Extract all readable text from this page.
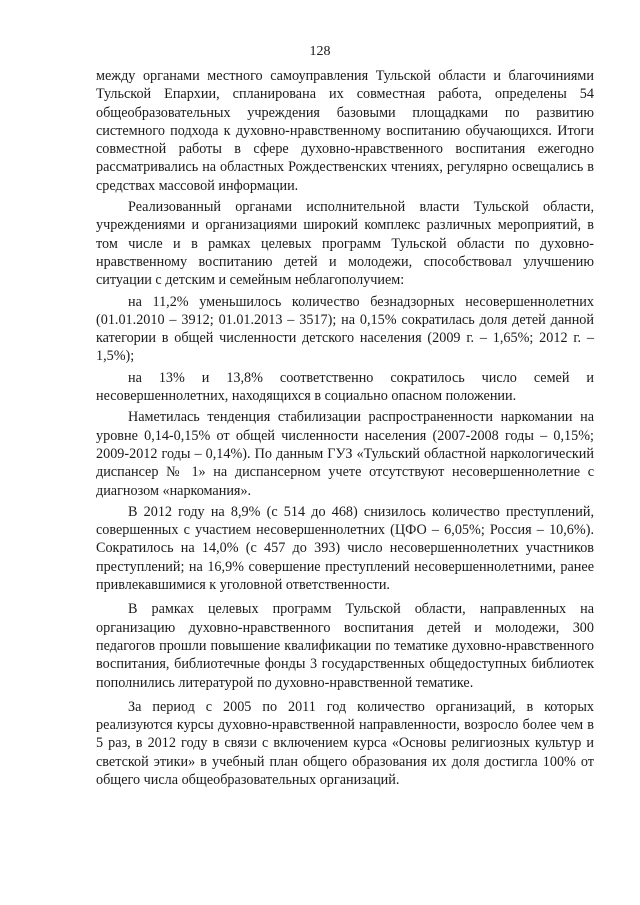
128

между органами местного самоуправления Тульской области и благочиниями Тульской Епархии, спланирована их совместная работа, определены 54 общеобразовательных учреждения базовыми площадками по развитию системного подхода к духовно-нравственному воспитанию обучающихся. Итоги совместной работы в сфере духовно-нравственного воспитания ежегодно рассматривались на областных Рождественских чтениях, регулярно освещались в средствах массовой информации.

Реализованный органами исполнительной власти Тульской области, учреждениями и организациями широкий комплекс различных мероприятий, в том числе и в рамках целевых программ Тульской области по духовно-нравственному воспитанию детей и молодежи, способствовал улучшению ситуации с детским и семейным неблагополучием:

на 11,2% уменьшилось количество безнадзорных несовершеннолетних (01.01.2010 – 3912; 01.01.2013 – 3517); на 0,15% сократилась доля детей данной категории в общей численности детского населения (2009 г. – 1,65%; 2012 г. – 1,5%);

на 13% и 13,8% соответственно сократилось число семей и несовершеннолетних, находящихся в социально опасном положении.

Наметилась тенденция стабилизации распространенности наркомании на уровне 0,14-0,15% от общей численности населения (2007-2008 годы – 0,15%; 2009-2012 годы – 0,14%). По данным ГУЗ «Тульский областной наркологический диспансер № 1» на диспансерном учете отсутствуют несовершеннолетние с диагнозом «наркомания».

В 2012 году на 8,9% (с 514 до 468) снизилось количество преступлений, совершенных с участием несовершеннолетних (ЦФО – 6,05%; Россия – 10,6%). Сократилось на 14,0% (с 457 до 393) число несовершеннолетних участников преступлений; на 16,9% совершение преступлений несовершеннолетними, ранее привлекавшимися к уголовной ответственности.

В рамках целевых программ Тульской области, направленных на организацию духовно-нравственного воспитания детей и молодежи, 300 педагогов прошли повышение квалификации по тематике духовно-нравственного воспитания, библиотечные фонды 3 государственных общедоступных библиотек пополнились литературой по духовно-нравственной тематике.

За период с 2005 по 2011 год количество организаций, в которых реализуются курсы духовно-нравственной направленности, возросло более чем в 5 раз, в 2012 году в связи с включением курса «Основы религиозных культур и светской этики» в учебный план общего образования их доля достигла 100% от общего числа общеобразовательных организаций.
